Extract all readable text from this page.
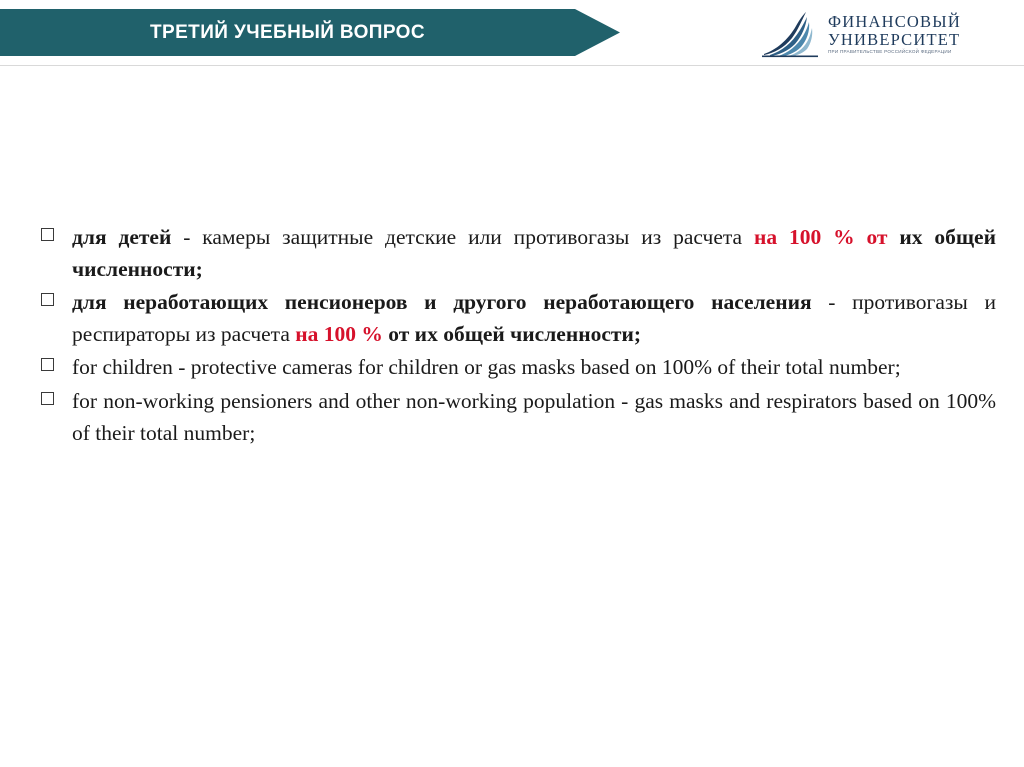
ТРЕТИЙ УЧЕБНЫЙ ВОПРОС
ФИНАНСОВЫЙ
УНИВЕРСИТЕТ
ПРИ ПРАВИТЕЛЬСТВЕ РОССИЙСКОЙ ФЕДЕРАЦИИ
для детей - камеры защитные детские или противогазы из расчета на 100 % от их общей численности;
для неработающих пенсионеров и другого неработающего населения - противогазы и респираторы из расчета на 100 % от их общей численности;
for children - protective cameras for children or gas masks based on 100% of their total number;
for non-working pensioners and other non-working population - gas masks and respirators based on 100% of their total number;
